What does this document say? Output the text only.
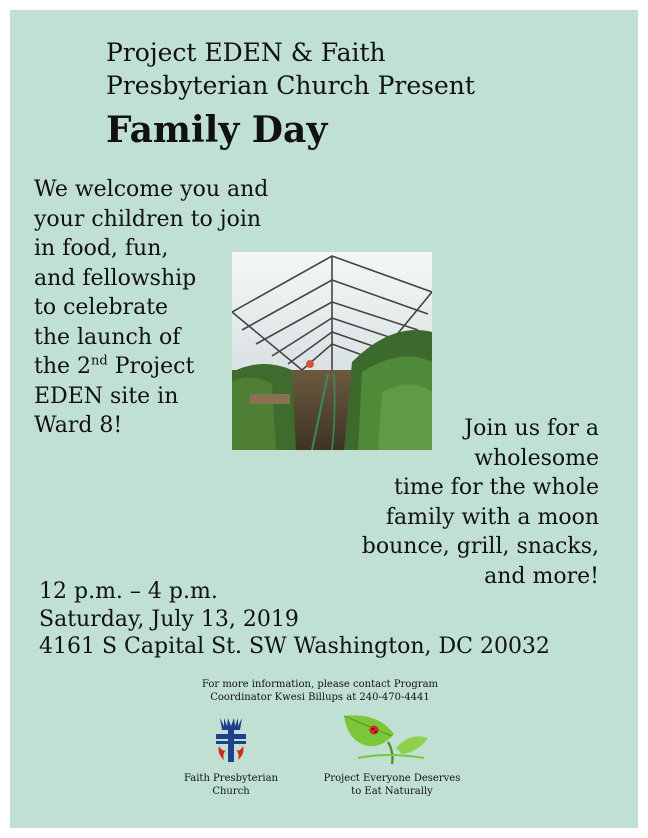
Project EDEN & Faith
Presbyterian Church Present
Family Day
We welcome you and
your children to join
in food, fun,
and fellowship
to celebrate
the launch of
the 2nd Project
EDEN site in
Ward 8!	Join us for a
wholesome
time for the whole
family with a moon
bounce, grill, snacks,
and more!
12 p.m. – 4 p.m.
Saturday, July 13, 2019
4161 S Capital St. SW Washington, DC 20032
For more information, please contact Program
Coordinator Kwesi Billups at 240-470-4441
Faith Presbyterian
Church
Project Everyone Deserves
to Eat Naturally
